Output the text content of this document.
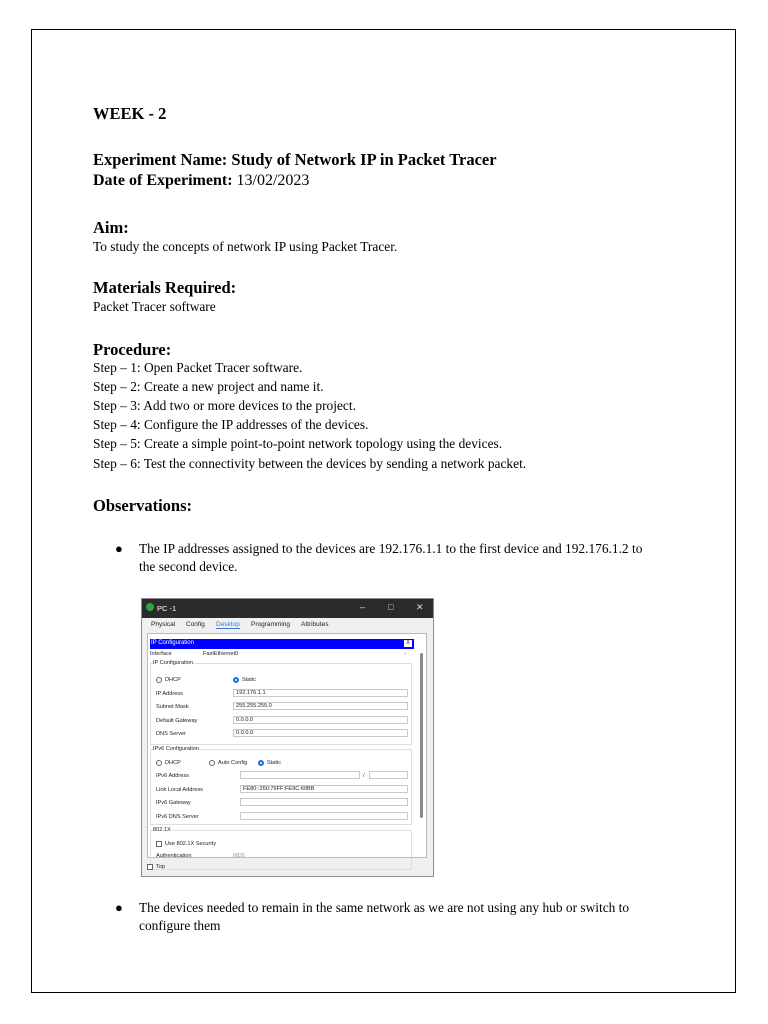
WEEK - 2
Experiment Name: Study of Network IP in Packet Tracer
Date of Experiment: 13/02/2023
Aim:
To study the concepts of network IP using Packet Tracer.
Materials Required:
Packet Tracer software
Procedure:
Step – 1: Open Packet Tracer software.
Step – 2: Create a new project and name it.
Step – 3: Add two or more devices to the project.
Step – 4: Configure the IP addresses of the devices.
Step – 5: Create a simple point-to-point network topology using the devices.
Step – 6: Test the connectivity between the devices by sending a network packet.
Observations:
● The IP addresses assigned to the devices are 192.176.1.1 to the first device and 192.176.1.2 to the second device.
PC -1	–	□	✕
Physical Config Desktop Programming Attributes
IP Configuration	X
Interface	FastEthernet0	⌄
IP Configuration
DHCP	Static
IP Address	192.176.1.1
Subnet Mask	255.255.255.0
Default Gateway	0.0.0.0
DNS Server	0.0.0.0
IPv6 Configuration
DHCP	Auto Config	Static
IPv6 Address	/
Link Local Address	FE80::260:76FF:FE9C:60BB
IPv6 Gateway
IPv6 DNS Server
802.1X
Use 802.1X Security
Authentication	MD5
Top
● The devices needed to remain in the same network as we are not using any hub or switch to configure them
